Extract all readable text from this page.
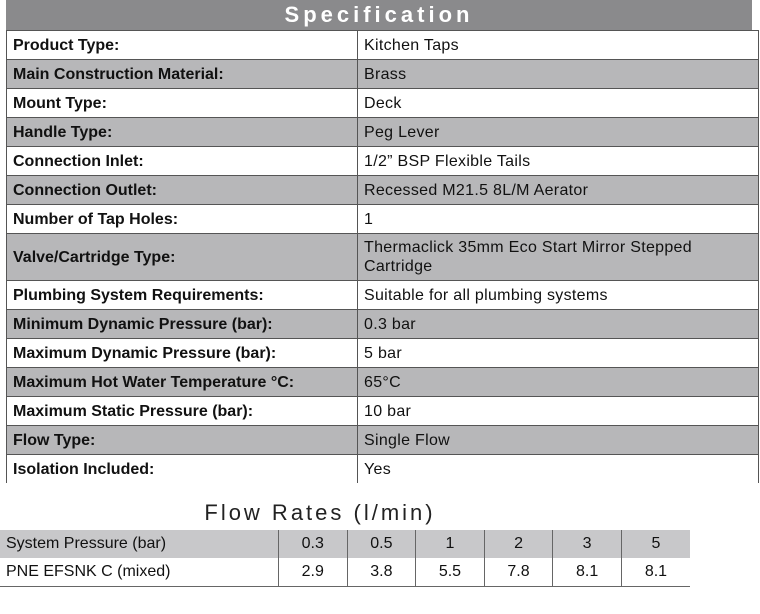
Specification
Product Type:	Kitchen Taps
Main Construction Material:	Brass
Mount Type:	Deck
Handle Type:	Peg Lever
Connection Inlet:	1/2” BSP Flexible Tails
Connection Outlet:	Recessed M21.5 8L/M Aerator
Number of Tap Holes:	1
Valve/Cartridge Type:	Thermaclick 35mm Eco Start Mirror Stepped Cartridge
Plumbing System Requirements:	Suitable for all plumbing systems
Minimum Dynamic Pressure (bar):	0.3 bar
Maximum Dynamic Pressure (bar):	5 bar
Maximum Hot Water Temperature °C:	65°C
Maximum Static Pressure (bar):	10 bar
Flow Type:	Single Flow
Isolation Included:	Yes
Flow Rates (l/min)
System Pressure (bar)	0.3	0.5	1	2	3	5
PNE EFSNK C (mixed)	2.9	3.8	5.5	7.8	8.1	8.1
